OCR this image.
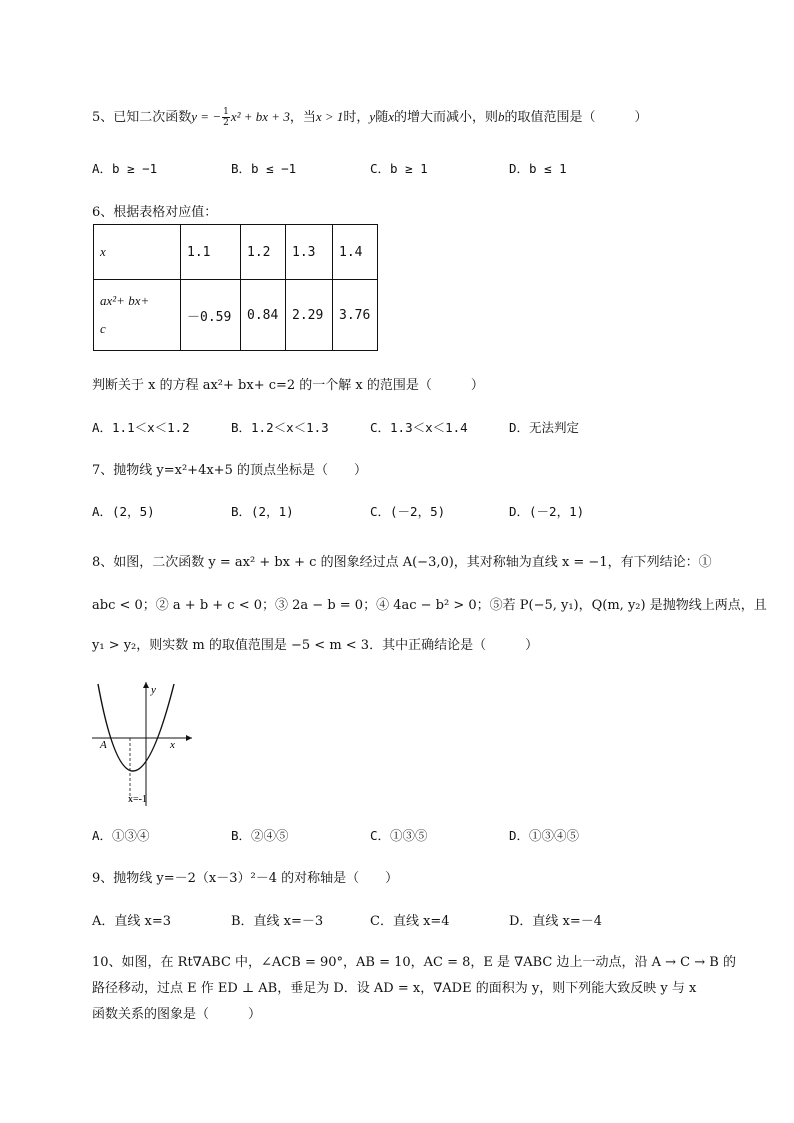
5、已知二次函数y = − $\frac{1}{2} x^2$ + bx + 3，当x > 1时，y随x的增大而减小，则b的取值范围是（　　　）
A．b ≥ −1	B．b ≤ −1	C．b ≥ 1	D．b ≤ 1
6、根据表格对应值：
x	1.1	1.2	1.3	1.4
ax²+ bx+
c	－0.59	0.84	2.29	3.76
判断关于 x 的方程 ax²+ bx+ c=2 的一个解 x 的范围是（　　　）
A．1.1＜x＜1.2	B．1.2＜x＜1.3	C．1.3＜x＜1.4	D．无法判定
7、抛物线 y=x²+4x+5 的顶点坐标是（　　）
A．(2，5)	B．(2，1)	C．(－2，5)	D．(－2，1)
8、如图，二次函数 y = ax² + bx + c 的图象经过点 A(−3,0)，其对称轴为直线 x = −1，有下列结论：①
abc < 0；② a + b + c < 0；③ 2a − b = 0；④ 4ac − b² > 0；⑤若 P(−5, y₁)，Q(m, y₂) 是抛物线上两点，且
y₁ > y₂，则实数 m 的取值范围是 −5 < m < 3．其中正确结论是（　　　）
y
x
A
x=-1
A．①③④	B．②④⑤	C．①③⑤	D．①③④⑤
9、抛物线 y=－2（x－3）²－4 的对称轴是（　　）
A．直线 x=3	B．直线 x=－3	C．直线 x=4	D．直线 x=－4
10、如图，在 Rt∇ABC 中，∠ACB = 90°，AB = 10，AC = 8，E 是 ∇ABC 边上一动点，沿 A → C → B 的
路径移动，过点 E 作 ED ⊥ AB，垂足为 D．设 AD = x，∇ADE 的面积为 y，则下列能大致反映 y 与 x
函数关系的图象是（　　　）
